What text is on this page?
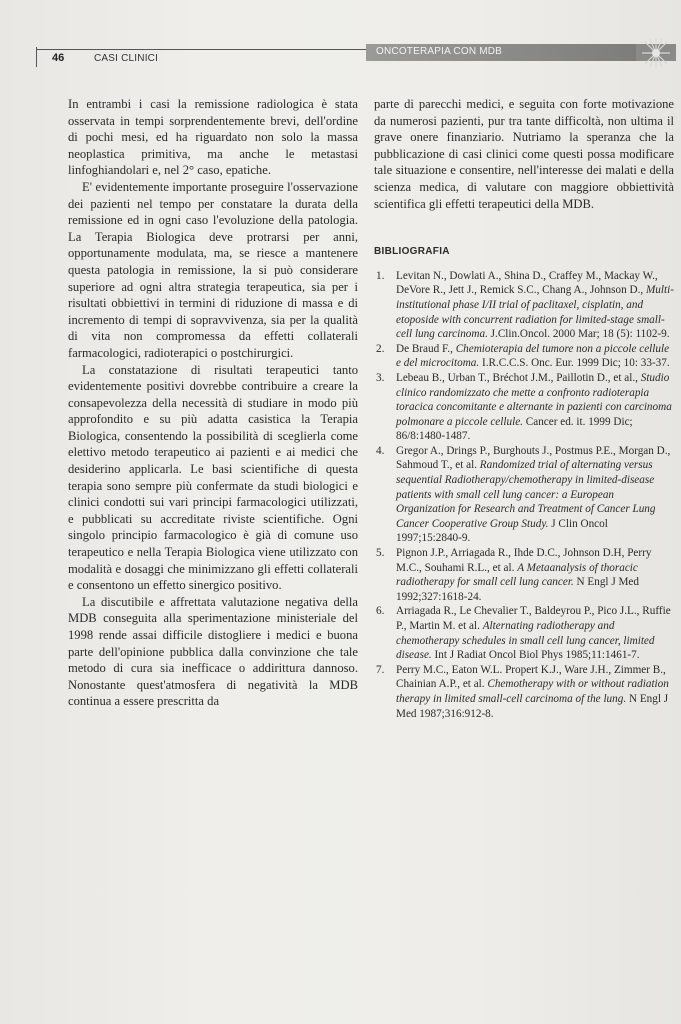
46	CASI CLINICI
ONCOTERAPIA CON MDB

In entrambi i casi la remissione radiologica è stata osservata in tempi sorprendentemente brevi, dell'ordine di pochi mesi, ed ha riguardato non solo la massa neoplastica primitiva, ma anche le metastasi linfoghiandolari e, nel 2° caso, epatiche.

E' evidentemente importante proseguire l'osservazione dei pazienti nel tempo per constatare la durata della remissione ed in ogni caso l'evoluzione della patologia. La Terapia Biologica deve protrarsi per anni, opportunamente modulata, ma, se riesce a mantenere questa patologia in remissione, la si può considerare superiore ad ogni altra strategia terapeutica, sia per i risultati obbiettivi in termini di riduzione di massa e di incremento di tempi di sopravvivenza, sia per la qualità di vita non compromessa da effetti collaterali farmacologici, radioterapici o postchirurgici.

La constatazione di risultati terapeutici tanto evidentemente positivi dovrebbe contribuire a creare la consapevolezza della necessità di studiare in modo più approfondito e su più adatta casistica la Terapia Biologica, consentendo la possibilità di sceglierla come elettivo metodo terapeutico ai pazienti e ai medici che desiderino applicarla. Le basi scientifiche di questa terapia sono sempre più confermate da studi biologici e clinici condotti sui vari principi farmacologici utilizzati, e pubblicati su accreditate riviste scientifiche. Ogni singolo principio farmacologico è già di comune uso terapeutico e nella Terapia Biologica viene utilizzato con modalità e dosaggi che minimizzano gli effetti collaterali e consentono un effetto sinergico positivo.

La discutibile e affrettata valutazione negativa della MDB conseguita alla sperimentazione ministeriale del 1998 rende assai difficile distogliere i medici e buona parte dell'opinione pubblica dalla convinzione che tale metodo di cura sia inefficace o addirittura dannoso. Nonostante quest'atmosfera di negatività la MDB continua a essere prescritta da

parte di parecchi medici, e seguita con forte motivazione da numerosi pazienti, pur tra tante difficoltà, non ultima il grave onere finanziario. Nutriamo la speranza che la pubblicazione di casi clinici come questi possa modificare tale situazione e consentire, nell'interesse dei malati e della scienza medica, di valutare con maggiore obbiettività scientifica gli effetti terapeutici della MDB.

BIBLIOGRAFIA
1. Levitan N., Dowlati A., Shina D., Craffey M., Mackay W., DeVore R., Jett J., Remick S.C., Chang A., Johnson D., Multi-institutional phase I/II trial of paclitaxel, cisplatin, and etoposide with concurrent radiation for limited-stage small-cell lung carcinoma. J.Clin.Oncol. 2000 Mar; 18 (5): 1102-9.
2. De Braud F., Chemioterapia del tumore non a piccole cellule e del microcitoma. I.R.C.C.S. Onc. Eur. 1999 Dic; 10: 33-37.
3. Lebeau B., Urban T., Bréchot J.M., Paillotin D., et al., Studio clinico randomizzato che mette a confronto radioterapia toracica concomitante e alternante in pazienti con carcinoma polmonare a piccole cellule. Cancer ed. it. 1999 Dic; 86/8:1480-1487.
4. Gregor A., Drings P., Burghouts J., Postmus P.E., Morgan D., Sahmoud T., et al. Randomized trial of alternating versus sequential Radiotherapy/chemotherapy in limited-disease patients with small cell lung cancer: a European Organization for Research and Treatment of Cancer Lung Cancer Cooperative Group Study. J Clin Oncol 1997;15:2840-9.
5. Pignon J.P., Arriagada R., Ihde D.C., Johnson D.H, Perry M.C., Souhami R.L., et al. A Metaanalysis of thoracic radiotherapy for small cell lung cancer. N Engl J Med 1992;327:1618-24.
6. Arriagada R., Le Chevalier T., Baldeyrou P., Pico J.L., Ruffie P., Martin M. et al. Alternating radiotherapy and chemotherapy schedules in small cell lung cancer, limited disease. Int J Radiat Oncol Biol Phys 1985;11:1461-7.
7. Perry M.C., Eaton W.L. Propert K.J., Ware J.H., Zimmer B., Chainian A.P., et al. Chemotherapy with or without radiation therapy in limited small-cell carcinoma of the lung. N Engl J Med 1987;316:912-8.
